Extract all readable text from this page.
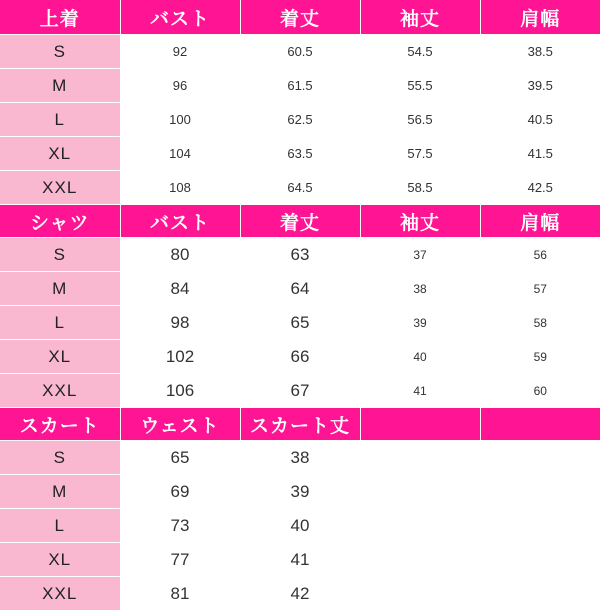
上着	バスト	着丈	袖丈	肩幅
S	92	60.5	54.5	38.5
M	96	61.5	55.5	39.5
L	100	62.5	56.5	40.5
XL	104	63.5	57.5	41.5
XXL	108	64.5	58.5	42.5
シャツ	バスト	着丈	袖丈	肩幅
S	80	63	37	56
M	84	64	38	57
L	98	65	39	58
XL	102	66	40	59
XXL	106	67	41	60
スカート	ウェスト	スカート丈		
S	65	38		
M	69	39		
L	73	40		
XL	77	41		
XXL	81	42		
